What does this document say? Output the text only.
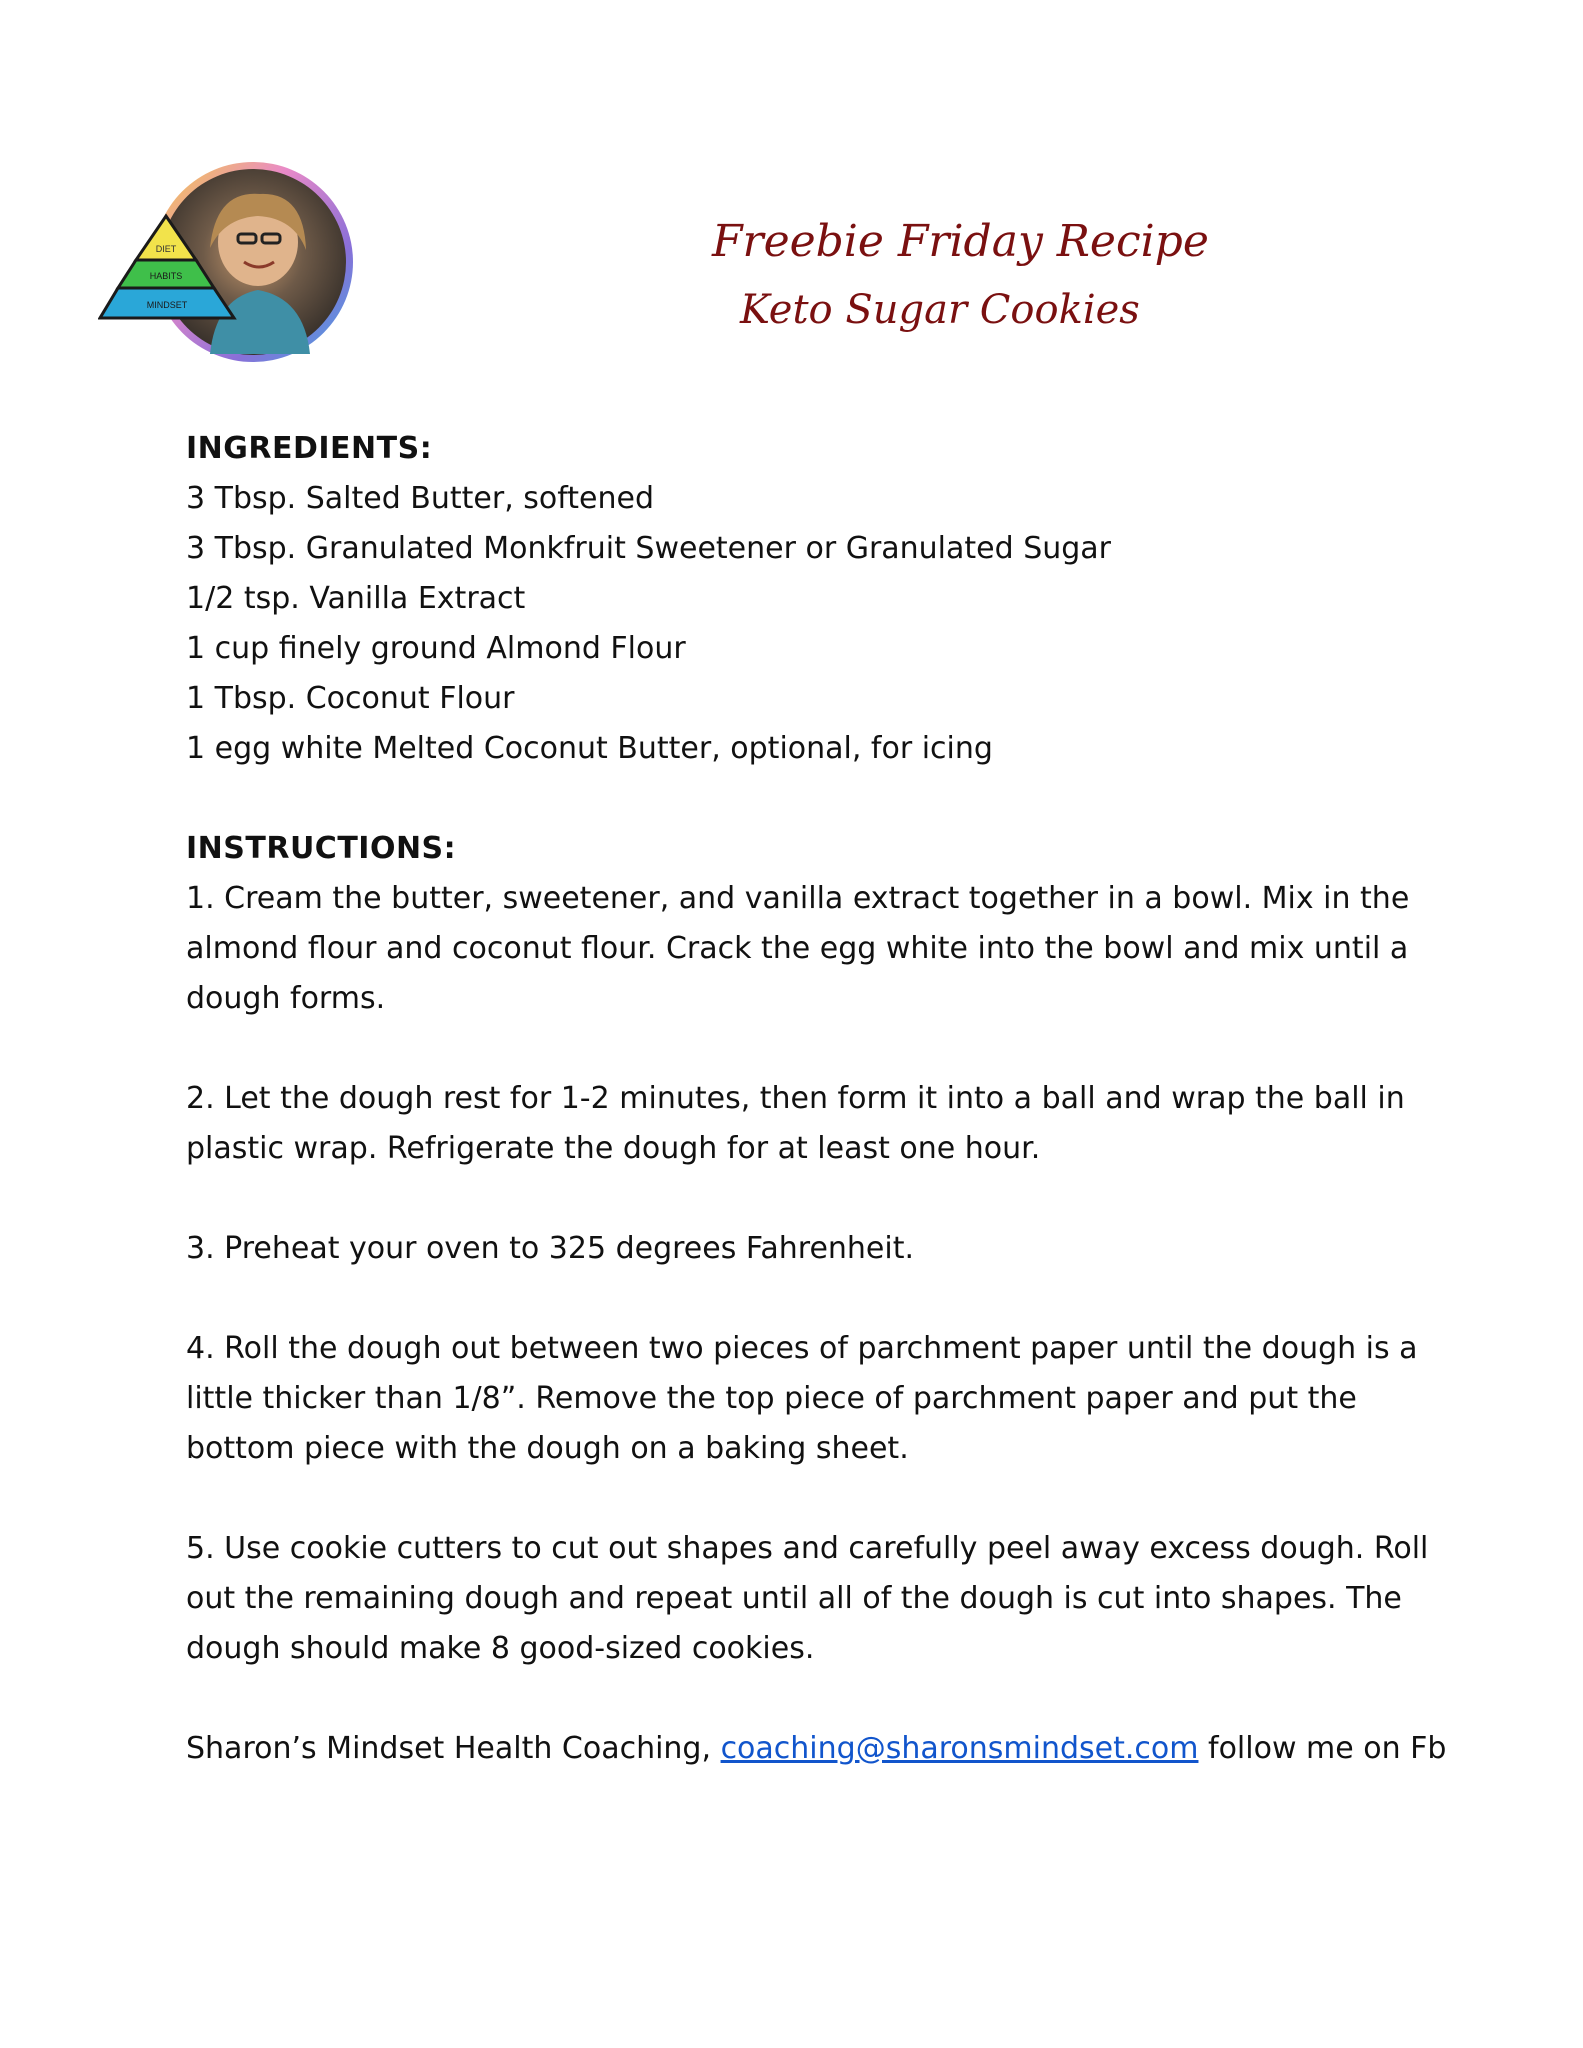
DIET
HABITS
MINDSET
Freebie Friday Recipe
Keto Sugar Cookies
INGREDIENTS:
3 Tbsp. Salted Butter, softened
3 Tbsp. Granulated Monkfruit Sweetener or Granulated Sugar
1/2 tsp. Vanilla Extract
1 cup finely ground Almond Flour
1 Tbsp. Coconut Flour
1 egg white Melted Coconut Butter, optional, for icing
INSTRUCTIONS:
1. Cream the butter, sweetener, and vanilla extract together in a bowl. Mix in the
almond flour and coconut flour. Crack the egg white into the bowl and mix until a
dough forms.
2. Let the dough rest for 1-2 minutes, then form it into a ball and wrap the ball in
plastic wrap. Refrigerate the dough for at least one hour.
3. Preheat your oven to 325 degrees Fahrenheit.
4. Roll the dough out between two pieces of parchment paper until the dough is a
little thicker than 1/8”. Remove the top piece of parchment paper and put the
bottom piece with the dough on a baking sheet.
5. Use cookie cutters to cut out shapes and carefully peel away excess dough. Roll
out the remaining dough and repeat until all of the dough is cut into shapes. The
dough should make 8 good-sized cookies.
Sharon’s Mindset Health Coaching, coaching@sharonsmindset.com follow me on Fb
